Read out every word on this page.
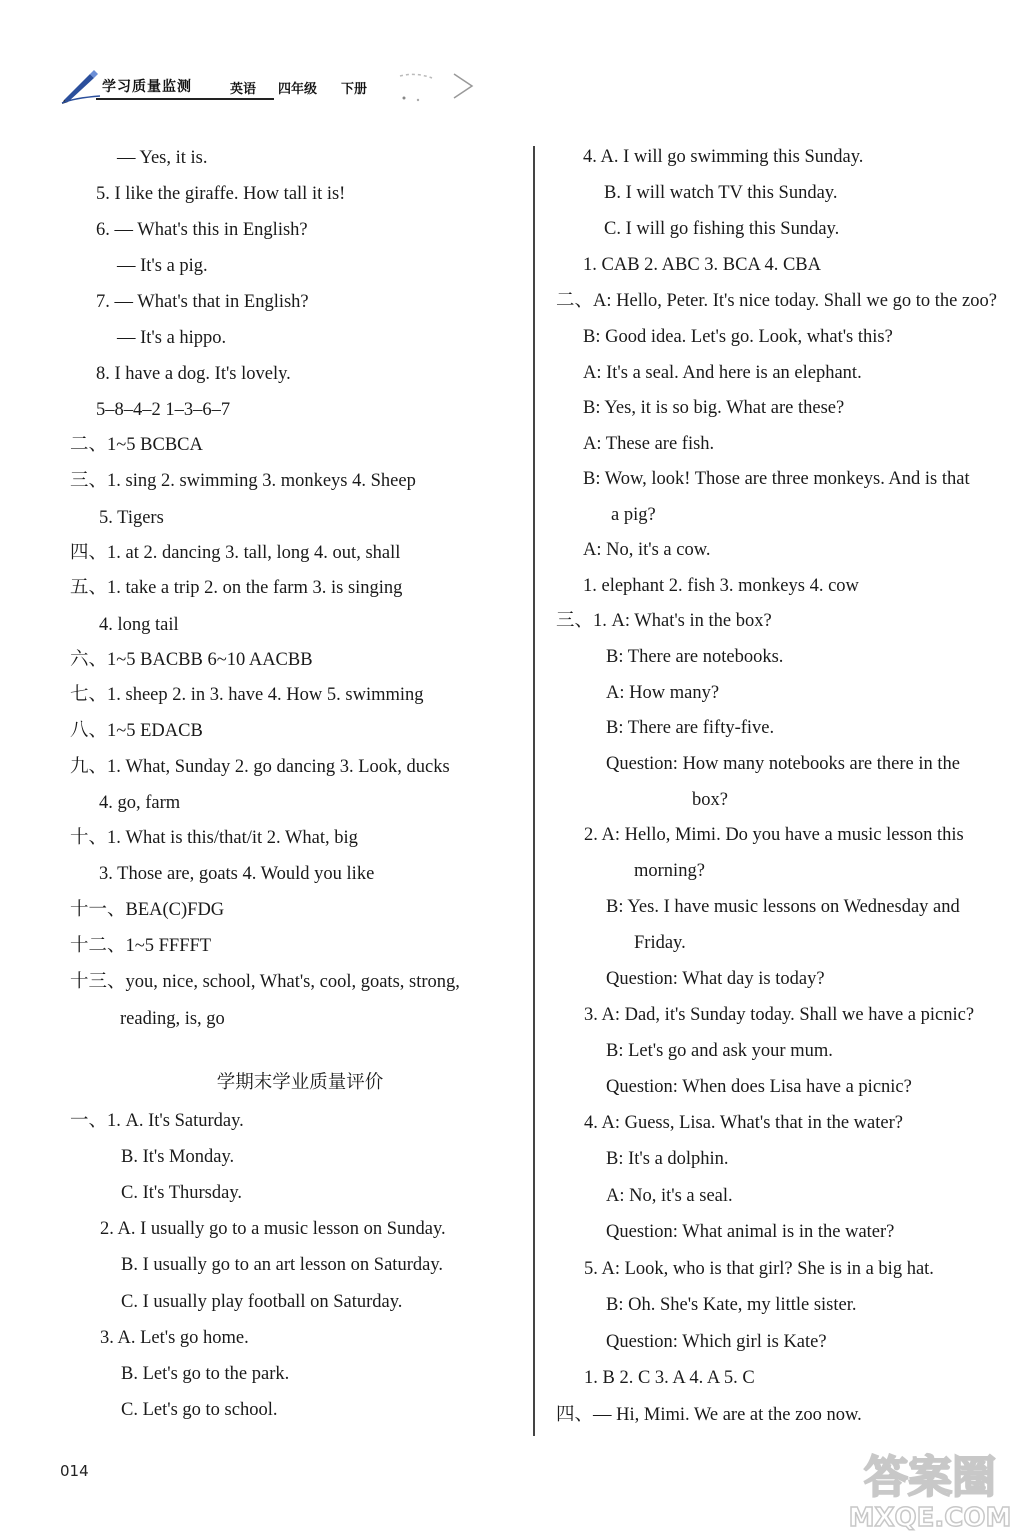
学习质量监测	英语 四年级 下册
— Yes, it is.
5. I like the giraffe. How tall it is!
6. — What's this in English?
— It's a pig.
7. — What's that in English?
— It's a hippo.
8. I have a dog. It's lovely.
5–8–4–2 1–3–6–7
二、1~5 BCBCA
三、1. sing 2. swimming 3. monkeys 4. Sheep
5. Tigers
四、1. at 2. dancing 3. tall, long 4. out, shall
五、1. take a trip 2. on the farm 3. is singing
4. long tail
六、1~5 BACBB 6~10 AACBB
七、1. sheep 2. in 3. have 4. How 5. swimming
八、1~5 EDACB
九、1. What, Sunday 2. go dancing 3. Look, ducks
4. go, farm
十、1. What is this/that/it 2. What, big
3. Those are, goats 4. Would you like
十一、BEA(C)FDG
十二、1~5 FFFFT
十三、you, nice, school, What's, cool, goats, strong,
reading, is, go
学期末学业质量评价
一、1. A. It's Saturday.
B. It's Monday.
C. It's Thursday.
2. A. I usually go to a music lesson on Sunday.
B. I usually go to an art lesson on Saturday.
C. I usually play football on Saturday.
3. A. Let's go home.
B. Let's go to the park.
C. Let's go to school.
4. A. I will go swimming this Sunday.
B. I will watch TV this Sunday.
C. I will go fishing this Sunday.
1. CAB 2. ABC 3. BCA 4. CBA
二、A: Hello, Peter. It's nice today. Shall we go to the zoo?
B: Good idea. Let's go. Look, what's this?
A: It's a seal. And here is an elephant.
B: Yes, it is so big. What are these?
A: These are fish.
B: Wow, look! Those are three monkeys. And is that
a pig?
A: No, it's a cow.
1. elephant 2. fish 3. monkeys 4. cow
三、1. A: What's in the box?
B: There are notebooks.
A: How many?
B: There are fifty-five.
Question: How many notebooks are there in the
box?
2. A: Hello, Mimi. Do you have a music lesson this
morning?
B: Yes. I have music lessons on Wednesday and
Friday.
Question: What day is today?
3. A: Dad, it's Sunday today. Shall we have a picnic?
B: Let's go and ask your mum.
Question: When does Lisa have a picnic?
4. A: Guess, Lisa. What's that in the water?
B: It's a dolphin.
A: No, it's a seal.
Question: What animal is in the water?
5. A: Look, who is that girl? She is in a big hat.
B: Oh. She's Kate, my little sister.
Question: Which girl is Kate?
1. B 2. C 3. A 4. A 5. C
四、— Hi, Mimi. We are at the zoo now.
014	答案圈
MXQE.COM
